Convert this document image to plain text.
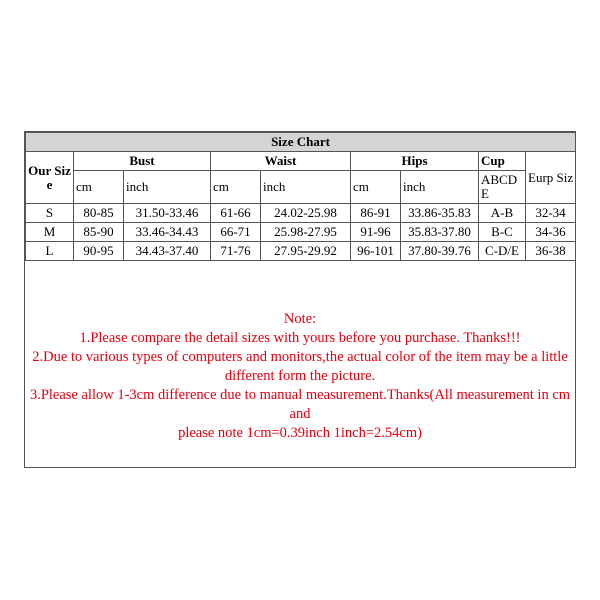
Size Chart								
Our Size	Bust		Waist		Hips		Cup	Eurp Siz
	cm	inch	cm	inch	cm	inch	ABCDE	
S	80-85	31.50-33.46	61-66	24.02-25.98	86-91	33.86-35.83	A-B	32-34
M	85-90	33.46-34.43	66-71	25.98-27.95	91-96	35.83-37.80	B-C	34-36
L	90-95	34.43-37.40	71-76	27.95-29.92	96-101	37.80-39.76	C-D/E	36-38
Note:
1.Please compare the detail sizes with yours before you purchase. Thanks!!!
2.Due to various types of computers and monitors,the actual color of the item may be a little
different form the picture.
3.Please allow 1-3cm difference due to manual measurement.Thanks(All measurement in cm and
please note 1cm=0.39inch 1inch=2.54cm)
